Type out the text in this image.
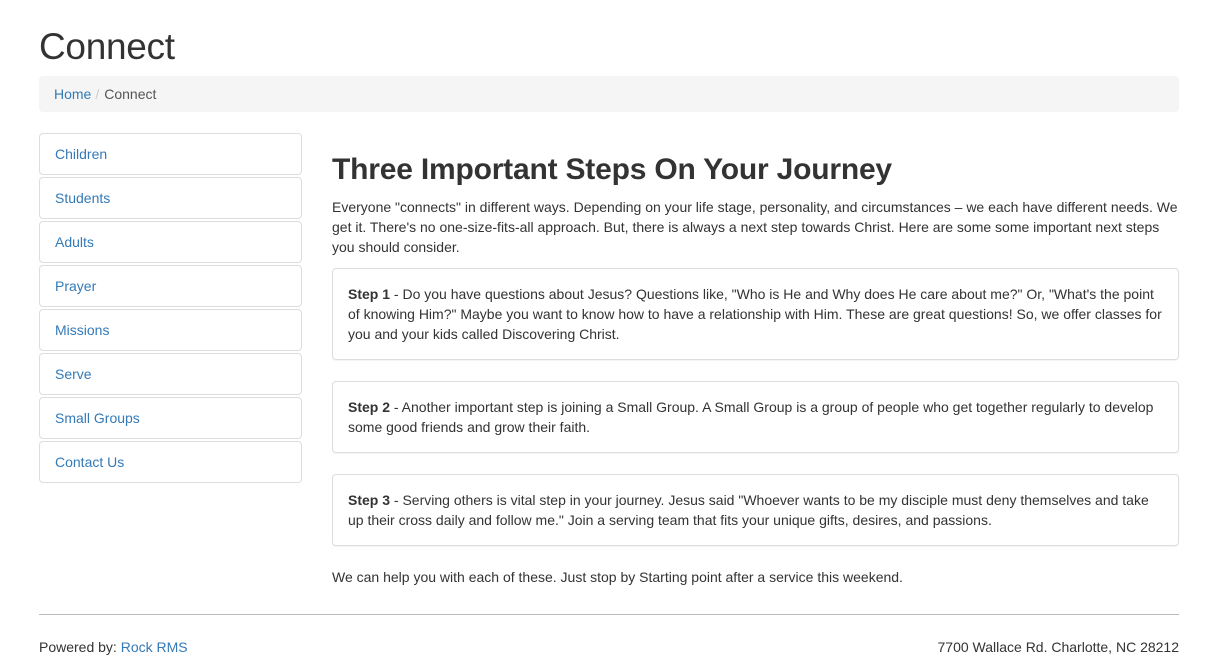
Connect
Home / Connect
Children
Students
Adults
Prayer
Missions
Serve
Small Groups
Contact Us
Three Important Steps On Your Journey

Everyone "connects" in different ways. Depending on your life stage, personality, and circumstances – we each have different needs. We get it. There's no one-size-fits-all approach. But, there is always a next step towards Christ. Here are some some important next steps you should consider.

Step 1 - Do you have questions about Jesus? Questions like, "Who is He and Why does He care about me?" Or, "What's the point of knowing Him?" Maybe you want to know how to have a relationship with Him. These are great questions! So, we offer classes for you and your kids called Discovering Christ.
Step 2 - Another important step is joining a Small Group. A Small Group is a group of people who get together regularly to develop some good friends and grow their faith.
Step 3 - Serving others is vital step in your journey. Jesus said "Whoever wants to be my disciple must deny themselves and take up their cross daily and follow me." Join a serving team that fits your unique gifts, desires, and passions.

We can help you with each of these. Just stop by Starting point after a service this weekend.

Powered by: Rock RMS	7700 Wallace Rd. Charlotte, NC 28212
